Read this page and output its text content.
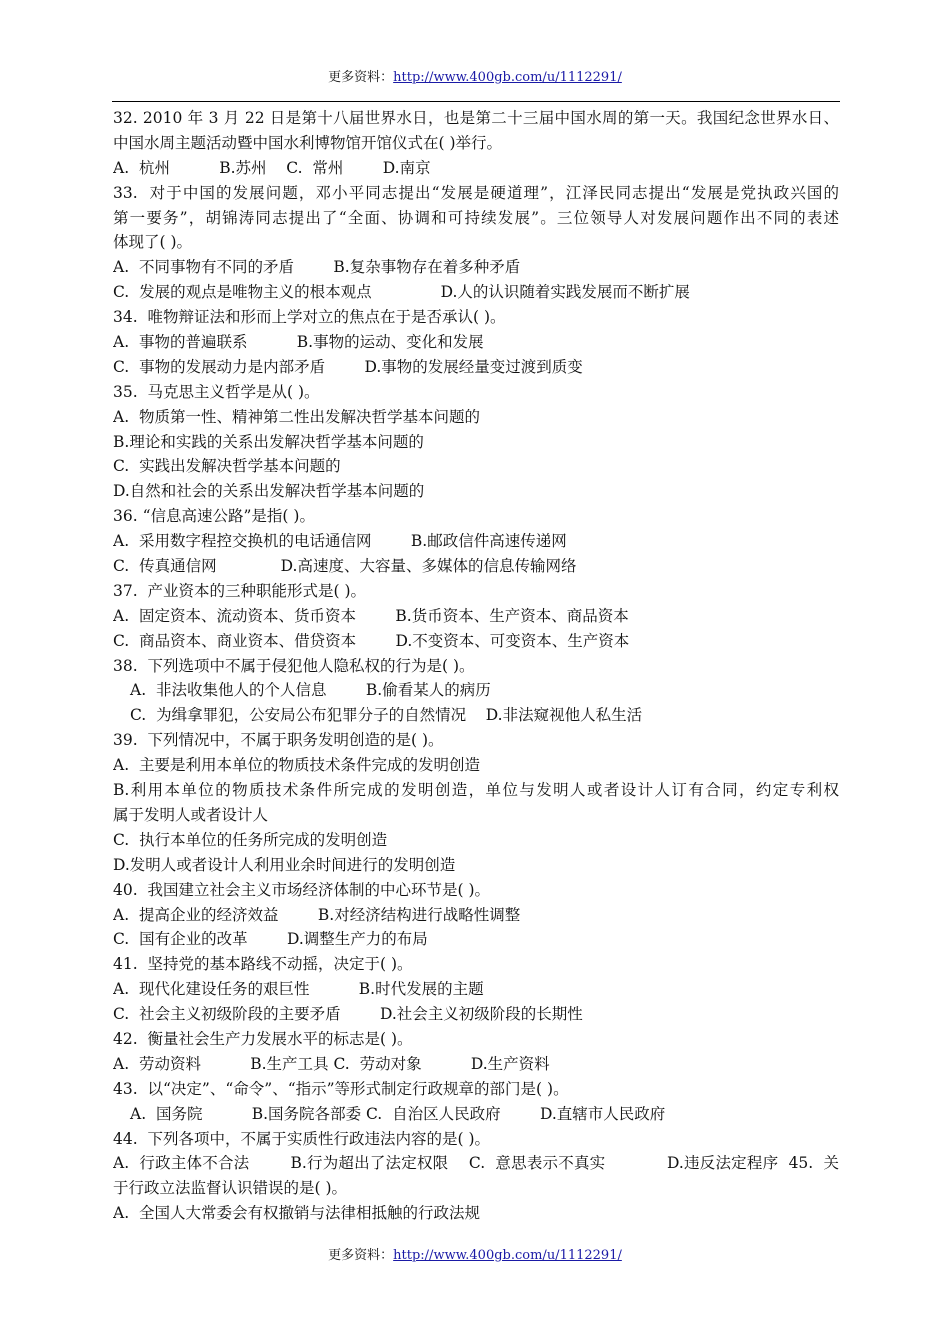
更多资料：http://www.400gb.com/u/1112291/
32. 2010 年 3 月 22 日是第十八届世界水日，也是第二十三届中国水周的第一天。我国纪念世界水日、
中国水周主题活动暨中国水利博物馆开馆仪式在( )举行。
A.  杭州          B.苏州    C.  常州        D.南京
33.  对于中国的发展问题，邓小平同志提出“发展是硬道理”，江泽民同志提出“发展是党执政兴国的
第一要务”，胡锦涛同志提出了“全面、协调和可持续发展”。三位领导人对发展问题作出不同的表述
体现了( )。
A.  不同事物有不同的矛盾        B.复杂事物存在着多种矛盾
C.  发展的观点是唯物主义的根本观点              D.人的认识随着实践发展而不断扩展
34.  唯物辩证法和形而上学对立的焦点在于是否承认( )。
A.  事物的普遍联系          B.事物的运动、变化和发展
C.  事物的发展动力是内部矛盾        D.事物的发展经量变过渡到质变
35.  马克思主义哲学是从( )。
A.  物质第一性、精神第二性出发解决哲学基本问题的
B.理论和实践的关系出发解决哲学基本问题的
C.  实践出发解决哲学基本问题的
D.自然和社会的关系出发解决哲学基本问题的
36. “信息高速公路”是指( )。
A.  采用数字程控交换机的电话通信网        B.邮政信件高速传递网
C.  传真通信网             D.高速度、大容量、多媒体的信息传输网络
37.  产业资本的三种职能形式是( )。
A.  固定资本、流动资本、货币资本        B.货币资本、生产资本、商品资本
C.  商品资本、商业资本、借贷资本        D.不变资本、可变资本、生产资本
38.  下列选项中不属于侵犯他人隐私权的行为是( )。
A.  非法收集他人的个人信息        B.偷看某人的病历
C.  为缉拿罪犯，公安局公布犯罪分子的自然情况    D.非法窥视他人私生活
39.  下列情况中，不属于职务发明创造的是( )。
A.  主要是利用本单位的物质技术条件完成的发明创造
B.利用本单位的物质技术条件所完成的发明创造，单位与发明人或者设计人订有合同，约定专利权
属于发明人或者设计人
C.  执行本单位的任务所完成的发明创造
D.发明人或者设计人利用业余时间进行的发明创造
40.  我国建立社会主义市场经济体制的中心环节是( )。
A.  提高企业的经济效益        B.对经济结构进行战略性调整
C.  国有企业的改革        D.调整生产力的布局
41.  坚持党的基本路线不动摇，决定于( )。
A.  现代化建设任务的艰巨性          B.时代发展的主题
C.  社会主义初级阶段的主要矛盾        D.社会主义初级阶段的长期性
42.  衡量社会生产力发展水平的标志是( )。
A.  劳动资料          B.生产工具 C.  劳动对象          D.生产资料
43.  以“决定”、“命令”、“指示”等形式制定行政规章的部门是( )。
A.  国务院          B.国务院各部委 C.  自治区人民政府        D.直辖市人民政府
44.  下列各项中，不属于实质性行政违法内容的是( )。
A.  行政主体不合法        B.行为超出了法定权限    C.  意思表示不真实            D.违反法定程序  45.  关
于行政立法监督认识错误的是( )。
A.  全国人大常委会有权撤销与法律相抵触的行政法规
更多资料：http://www.400gb.com/u/1112291/
